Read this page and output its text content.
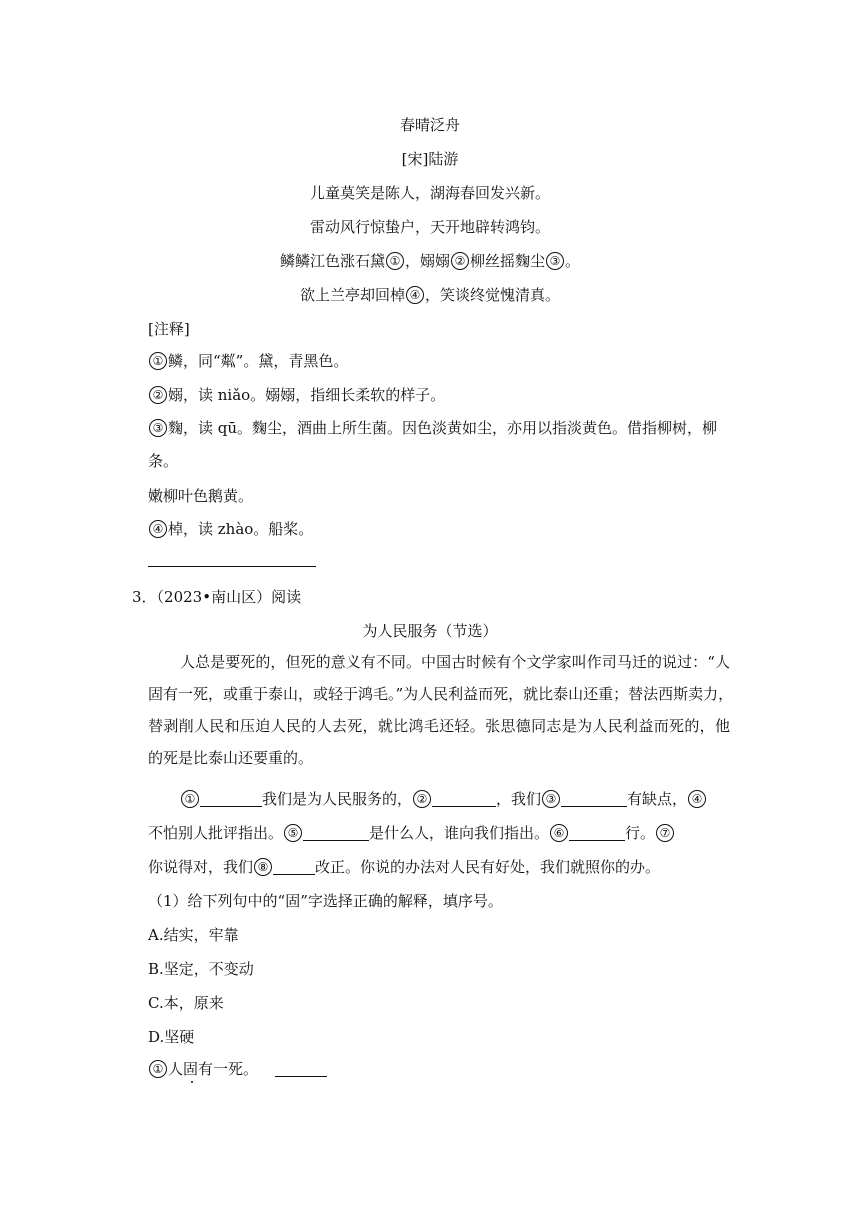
春晴泛舟
[宋]陆游
儿童莫笑是陈人，湖海春回发兴新。
雷动风行惊蛰户，天开地辟转鸿钧。
鳞鳞江色涨石黛 ① ，嫋嫋 ② 柳丝摇麴尘 ③ 。
欲上兰亭却回棹 ④ ，笑谈终觉愧清真。
[注释]
① 鳞，同“粼”。黛，青黑色。
② 嫋，读 niǎo。嫋嫋，指细长柔软的样子。
③ 麴，读 qū。麴尘，酒曲上所生菌。因色淡黄如尘，亦用以指淡黄色。借指柳树，柳
条。
嫩柳叶色鹅黄。
④ 棹，读 zhào。船桨。
3．（2023•南山区）阅读
为人民服务（节选）
人总是要死的，但死的意义有不同。中国古时候有个文学家叫作司马迁的说过：“人
固有一死，或重于泰山，或轻于鸿毛。”为人民利益而死，就比泰山还重；替法西斯卖力，
替剥削人民和压迫人民的人去死，就比鸿毛还轻。张思德同志是为人民利益而死的，他
的死是比泰山还要重的。
①	我们是为人民服务的， ②	，我们 ③	有缺点， ④
不怕别人批评指出。 ⑤	是什么人，谁向我们指出。 ⑥	行。 ⑦
你说得对，我们 ⑧	改正。你说的办法对人民有好处，我们就照你的办。
（1）给下列句中的“固”字选择正确的解释，填序号。
A.结实，牢靠
B.坚定，不变动
C.本，原来
D.坚硬
① 人固有一死。
